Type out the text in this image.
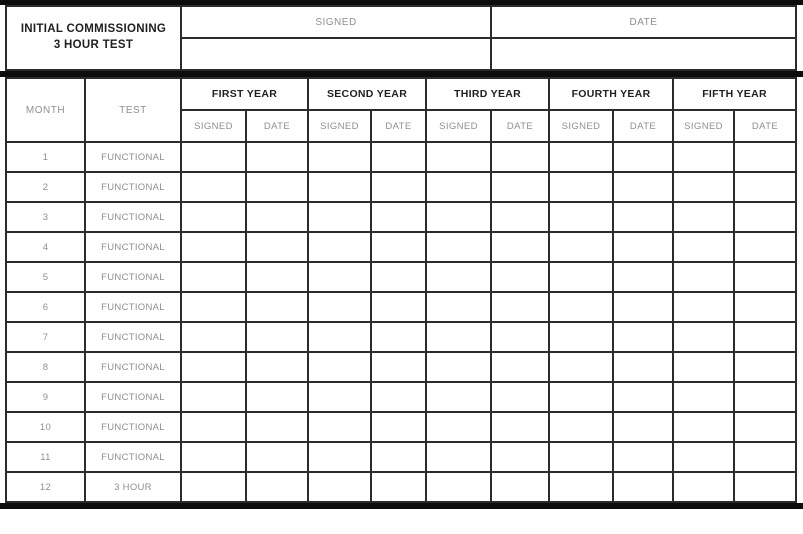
INITIAL COMMISSIONING
3 HOUR TEST	SIGNED	DATE

MONTH	TEST	FIRST YEAR		SECOND YEAR		THIRD YEAR		FOURTH YEAR		FIFTH YEAR	
		SIGNED	DATE	SIGNED	DATE	SIGNED	DATE	SIGNED	DATE	SIGNED	DATE
1	FUNCTIONAL										
2	FUNCTIONAL										
3	FUNCTIONAL										
4	FUNCTIONAL										
5	FUNCTIONAL										
6	FUNCTIONAL										
7	FUNCTIONAL										
8	FUNCTIONAL										
9	FUNCTIONAL										
10	FUNCTIONAL										
11	FUNCTIONAL										
12	3 HOUR										
